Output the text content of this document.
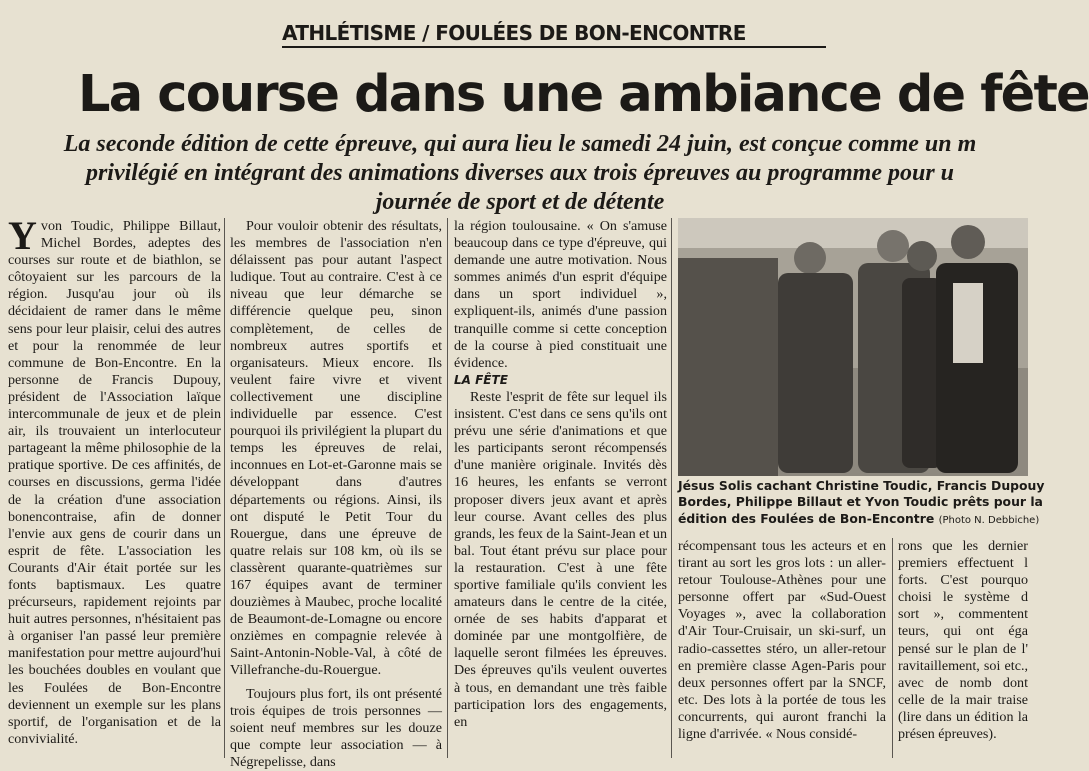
ATHLÉTISME / FOULÉES DE BON-ENCONTRE
La course dans une ambiance de fête
La seconde édition de cette épreuve, qui aura lieu le samedi 24 juin, est conçue comme un m
privilégié en intégrant des animations diverses aux trois épreuves au programme pour u
journée de sport et de détente

Yvon Toudic, Philippe Billaut, Michel Bordes, adeptes des courses sur route et de biathlon, se côtoyaient sur les parcours de la région. Jusqu'au jour où ils décidaient de ramer dans le même sens pour leur plaisir, celui des autres et pour la renommée de leur commune de Bon-Encontre. En la personne de Francis Dupouy, président de l'Association laïque intercommunale de jeux et de plein air, ils trouvaient un interlocuteur partageant la même philosophie de la pratique sportive. De ces affinités, de courses en discussions, germa l'idée de la création d'une association bonencontraise, afin de donner l'envie aux gens de courir dans un esprit de fête. L'association les Courants d'Air était portée sur les fonts baptismaux. Les quatre précurseurs, rapidement rejoints par huit autres personnes, n'hésitaient pas à organiser l'an passé leur première manifestation pour mettre aujourd'hui les bouchées doubles en voulant que les Foulées de Bon-Encontre deviennent un exemple sur les plans sportif, de l'organisation et de la convivialité.

Pour vouloir obtenir des résultats, les membres de l'association n'en délaissent pas pour autant l'aspect ludique. Tout au contraire. C'est à ce niveau que leur démarche se différencie quelque peu, sinon complètement, de celles de nombreux autres sportifs et organisateurs. Mieux encore. Ils veulent faire vivre et vivent collectivement une discipline individuelle par essence. C'est pourquoi ils privilégient la plupart du temps les épreuves de relai, inconnues en Lot-et-Garonne mais se développant dans d'autres départements ou régions. Ainsi, ils ont disputé le Petit Tour du Rouergue, dans une épreuve de quatre relais sur 108 km, où ils se classèrent quarante-quatrièmes sur 167 équipes avant de terminer douzièmes à Maubec, proche localité de Beaumont-de-Lomagne ou encore onzièmes en compagnie relevée à Saint-Antonin-Noble-Val, à côté de Villefranche-du-Rouergue.

Toujours plus fort, ils ont présenté trois équipes de trois personnes — soient neuf membres sur les douze que compte leur association — à Négrepelisse, dans

la région toulousaine. « On s'amuse beaucoup dans ce type d'épreuve, qui demande une autre motivation. Nous sommes animés d'un esprit d'équipe dans un sport individuel », expliquent-ils, animés d'une passion tranquille comme si cette conception de la course à pied constituait une évidence.

LA FÊTE

Reste l'esprit de fête sur lequel ils insistent. C'est dans ce sens qu'ils ont prévu une série d'animations et que les participants seront récompensés d'une manière originale. Invités dès 16 heures, les enfants se verront proposer divers jeux avant et après leur course. Avant celles des plus grands, les feux de la Saint-Jean et un bal. Tout étant prévu sur place pour la restauration. C'est à une fête sportive familiale qu'ils convient les amateurs dans le centre de la citée, ornée de ses habits d'apparat et dominée par une montgolfière, de laquelle seront filmées les épreuves. Des épreuves qu'ils veulent ouvertes à tous, en demandant une très faible participation lors des engagements, en

Jésus Solis cachant Christine Toudic, Francis Dupouy
Bordes, Philippe Billaut et Yvon Toudic prêts pour la
édition des Foulées de Bon-Encontre (Photo N. Debbiche)

récompensant tous les acteurs et en tirant au sort les gros lots : un aller-retour Toulouse-Athènes pour une personne offert par «Sud-Ouest Voyages », avec la collaboration d'Air Tour-Cruisair, un ski-surf, un radio-cassettes stéro, un aller-retour en première classe Agen-Paris pour deux personnes offert par la SNCF, etc. Des lots à la portée de tous les concurrents, qui auront franchi la ligne d'arrivée. « Nous considé-

rons que les dernier premiers effectuent l forts. C'est pourquo choisi le système d sort », commentent teurs, qui ont éga pensé sur le plan de l' ravitaillement, soi etc., avec de nomb dont celle de la mair traise (lire dans un édition la présen épreuves).
